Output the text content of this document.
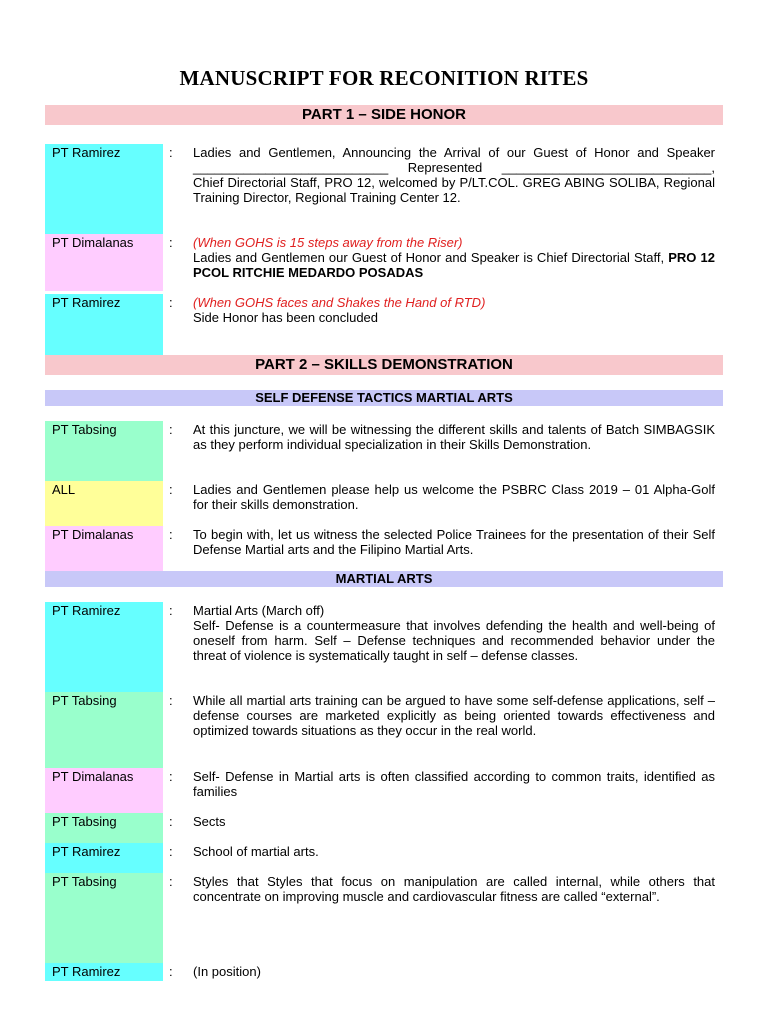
MANUSCRIPT FOR RECONITION RITES
PART 1 – SIDE HONOR
PT Ramirez	: Ladies and Gentlemen, Announcing the Arrival of our Guest of Honor and Speaker ___________________________ Represented _____________________________, Chief Directorial Staff, PRO 12, welcomed by P/LT.COL. GREG ABING SOLIBA, Regional Training Director, Regional Training Center 12.

PT Dimalanas	: (When GOHS is 15 steps away from the Riser)
Ladies and Gentlemen our Guest of Honor and Speaker is Chief Directorial Staff, PRO 12 PCOL RITCHIE MEDARDO POSADAS

PT Ramirez	: (When GOHS faces and Shakes the Hand of RTD)
Side Honor has been concluded

PART 2 – SKILLS DEMONSTRATION
SELF DEFENSE TACTICS MARTIAL ARTS
PT Tabsing	: At this juncture, we will be witnessing the different skills and talents of Batch SIMBAGSIK as they perform individual specialization in their Skills Demonstration.

ALL	: Ladies and Gentlemen please help us welcome the PSBRC Class 2019 – 01 Alpha-Golf for their skills demonstration.

PT Dimalanas	: To begin with, let us witness the selected Police Trainees for the presentation of their Self Defense Martial arts and the Filipino Martial Arts.

MARTIAL ARTS
PT Ramirez	: Martial Arts (March off)
Self- Defense is a countermeasure that involves defending the health and well-being of oneself from harm. Self – Defense techniques and recommended behavior under the threat of violence is systematically taught in self – defense classes.

PT Tabsing	: While all martial arts training can be argued to have some self-defense applications, self – defense courses are marketed explicitly as being oriented towards effectiveness and optimized towards situations as they occur in the real world.

PT Dimalanas	: Self- Defense in Martial arts is often classified according to common traits, identified as families

PT Tabsing	: Sects

PT Ramirez	: School of martial arts.

PT Tabsing	: Styles that Styles that focus on manipulation are called internal, while others that concentrate on improving muscle and cardiovascular fitness are called “external”.

PT Ramirez	: (In position)
